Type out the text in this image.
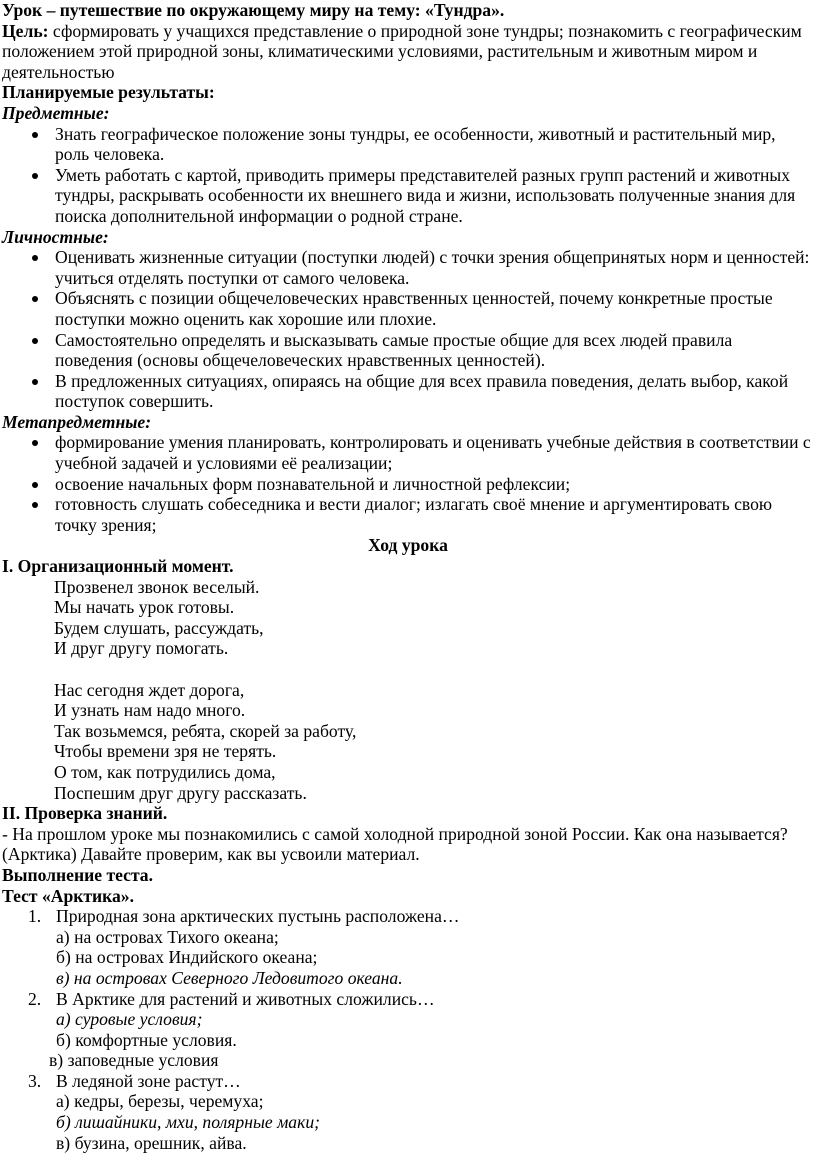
Урок – путешествие по окружающему миру на тему: «Тундра».

Цель: сформировать у учащихся представление о природной зоне тундры; познакомить с географическим положением этой природной зоны, климатическими условиями, растительным и животным миром и деятельностью

Планируемые результаты:

Предметные:

Знать географическое положение зоны тундры, ее особенности, животный и растительный мир, роль человека.
Уметь работать с картой, приводить примеры представителей разных групп растений и животных тундры, раскрывать особенности их внешнего вида и жизни, использовать полученные знания для поиска дополнительной информации о родной стране.

Личностные:

Оценивать жизненные ситуации (поступки людей) с точки зрения общепринятых норм и ценностей: учиться отделять поступки от самого человека.
Объяснять с позиции общечеловеческих нравственных ценностей, почему конкретные простые поступки можно оценить как хорошие или плохие.
Самостоятельно определять и высказывать самые простые общие для всех людей правила поведения (основы общечеловеческих нравственных ценностей).
В предложенных ситуациях, опираясь на общие для всех правила поведения, делать выбор, какой поступок совершить.

Метапредметные:

формирование умения планировать, контролировать и оценивать учебные действия в соответствии с учебной задачей и условиями её реализации;
освоение начальных форм познавательной и личностной рефлексии;
готовность слушать собеседника и вести диалог; излагать своё мнение и аргументировать свою точку зрения;

Ход урока

I. Организационный момент.

Прозвенел звонок веселый.
Мы начать урок готовы.
Будем слушать, рассуждать,
И друг другу помогать.
Нас сегодня ждет дорога,
И узнать нам надо много.
Так возьмемся, ребята, скорей за работу,
Чтобы времени зря не терять.
О том, как потрудились дома,
Поспешим друг другу рассказать.

II. Проверка знаний.

- На прошлом уроке мы познакомились с самой холодной природной зоной России. Как она называется? (Арктика) Давайте проверим, как вы усвоили материал.

Выполнение теста.

Тест «Арктика».

1. Природная зона арктических пустынь расположена…
а) на островах Тихого океана;
б) на островах Индийского океана;
в) на островах Северного Ледовитого океана.
2. В Арктике для растений и животных сложились…
а) суровые условия;
б) комфортные условия.
в) заповедные условия
3. В ледяной зоне растут…
а) кедры, березы, черемуха;
б) лишайники, мхи, полярные маки;
в) бузина, орешник, айва.
